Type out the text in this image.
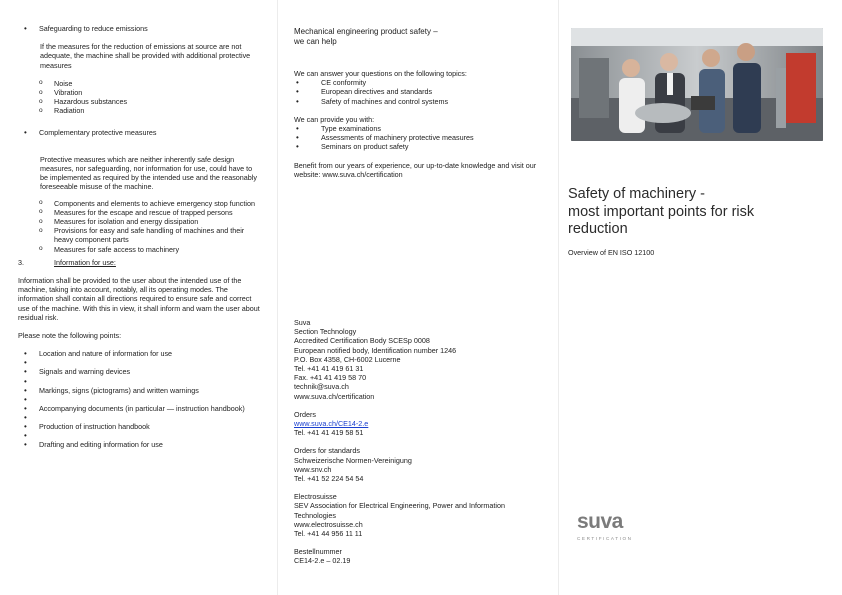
• Safeguarding to reduce emissions

If the measures for the reduction of emissions at source are not adequate, the machine shall be provided with additional protective measures

o Noise
o Vibration
o Hazardous substances
o Radiation
• Complementary protective measures

Protective measures which are neither inherently safe design measures, nor safeguarding, nor information for use, could have to be implemented as required by the intended use and the reasonably foreseeable misuse of the machine.

o Components and elements to achieve emergency stop function
o Measures for the escape and rescue of trapped persons
o Measures for isolation and energy dissipation
o Provisions for easy and safe handling of machines and their heavy component parts
o Measures for safe access to machinery
3.	Information for use:

Information shall be provided to the user about the intended use of the machine, taking into account, notably, all its operating modes. The information shall contain all directions required to ensure safe and correct use of the machine. With this in view, it shall inform and warn the user about residual risk.

Please note the following points:

• Location and nature of information for use
•
• Signals and warning devices
•
• Markings, signs (pictograms) and written warnings
•
• Accompanying documents (in particular — instruction handbook)
•
• Production of instruction handbook
•
• Drafting and editing information for use

Mechanical engineering product safety –

we can help

We can answer your questions on the following topics:

• CE conformity
• European directives and standards
• Safety of machines and control systems

We can provide you with:

• Type examinations
• Assessments of machinery protective measures
• Seminars on product safety

Benefit from our years of experience, our up-to-date knowledge and visit our website: www.suva.ch/certification

Suva

Section Technology

Accredited Certification Body SCESp 0008

European notified body, Identification number 1246

P.O. Box 4358, CH-6002 Lucerne

Tel. +41 41 419 61 31

Fax. +41 41 419 58 70

technik@suva.ch

www.suva.ch/certification

Orders

www.suva.ch/CE14-2.e

Tel. +41 41 419 58 51

Orders for standards

Schweizerische Normen-Vereinigung

www.snv.ch

Tel. +41 52 224 54 54

Electrosuisse

SEV Association for Electrical Engineering, Power and Information Technologies

www.electrosuisse.ch

Tel. +41 44 956 11 11

Bestellnummer

CE14-2.e – 02.19

Safety of machinery -

most important points for risk

reduction

Overview of EN ISO 12100

suva
CERTIFICATION
